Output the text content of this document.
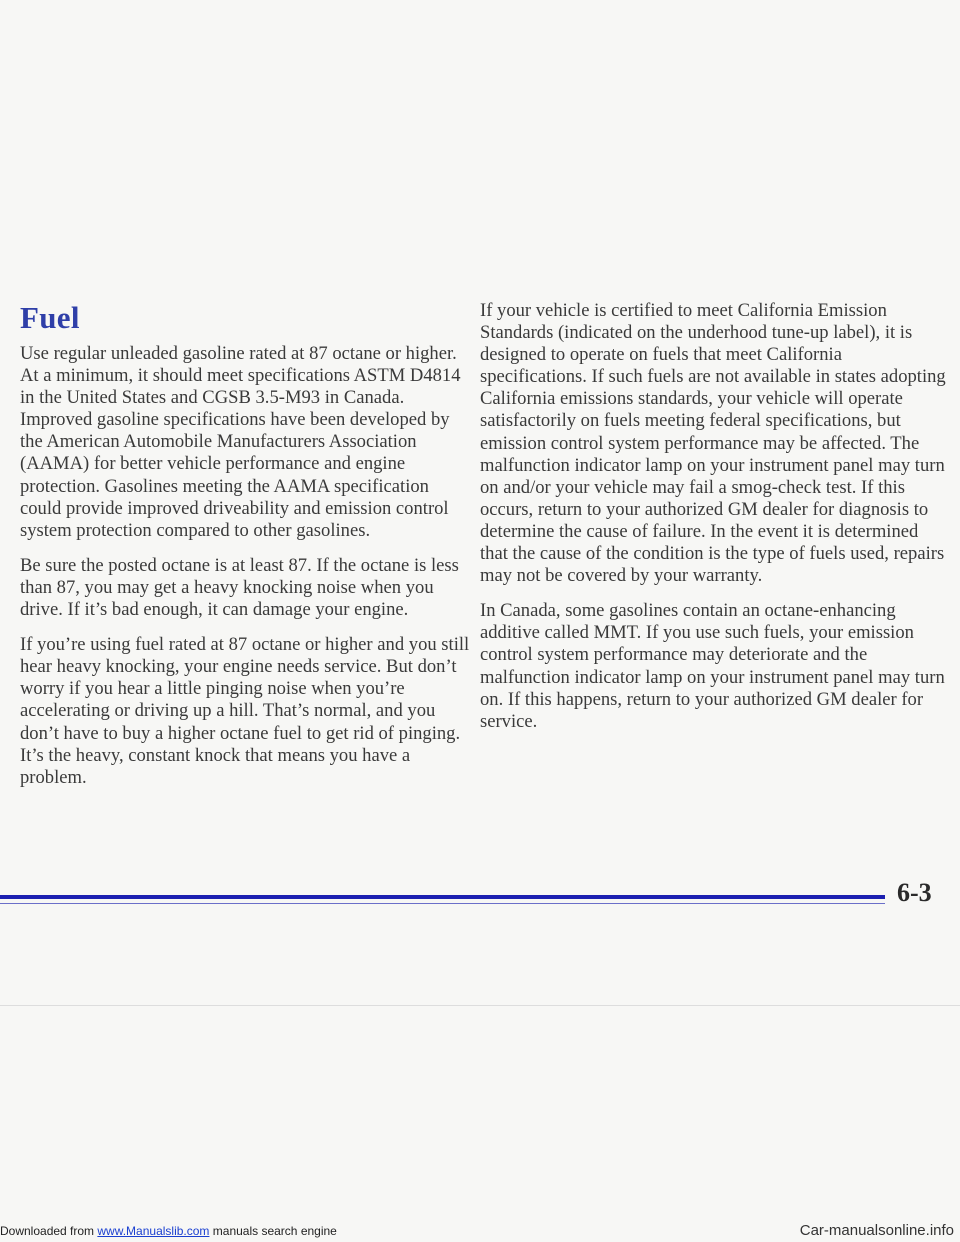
Fuel

Use regular unleaded gasoline rated at 87 octane or higher. At a minimum, it should meet specifications ASTM D4814 in the United States and CGSB 3.5-M93 in Canada. Improved gasoline specifications have been developed by the American Automobile Manufacturers Association (AAMA) for better vehicle performance and engine protection. Gasolines meeting the AAMA specification could provide improved driveability and emission control system protection compared to other gasolines.

Be sure the posted octane is at least 87. If the octane is less than 87, you may get a heavy knocking noise when you drive. If it’s bad enough, it can damage your engine.

If you’re using fuel rated at 87 octane or higher and you still hear heavy knocking, your engine needs service. But don’t worry if you hear a little pinging noise when you’re accelerating or driving up a hill. That’s normal, and you don’t have to buy a higher octane fuel to get rid of pinging. It’s the heavy, constant knock that means you have a problem.

If your vehicle is certified to meet California Emission Standards (indicated on the underhood tune-up label), it is designed to operate on fuels that meet California specifications. If such fuels are not available in states adopting California emissions standards, your vehicle will operate satisfactorily on fuels meeting federal specifications, but emission control system performance may be affected. The malfunction indicator lamp on your instrument panel may turn on and/or your vehicle may fail a smog-check test. If this occurs, return to your authorized GM dealer for diagnosis to determine the cause of failure. In the event it is determined that the cause of the condition is the type of fuels used, repairs may not be covered by your warranty.

In Canada, some gasolines contain an octane-enhancing additive called MMT. If you use such fuels, your emission control system performance may deteriorate and the malfunction indicator lamp on your instrument panel may turn on. If this happens, return to your authorized GM dealer for service.

6-3
Downloaded from www.Manualslib.com manuals search engine	Car-manualsonline.info
